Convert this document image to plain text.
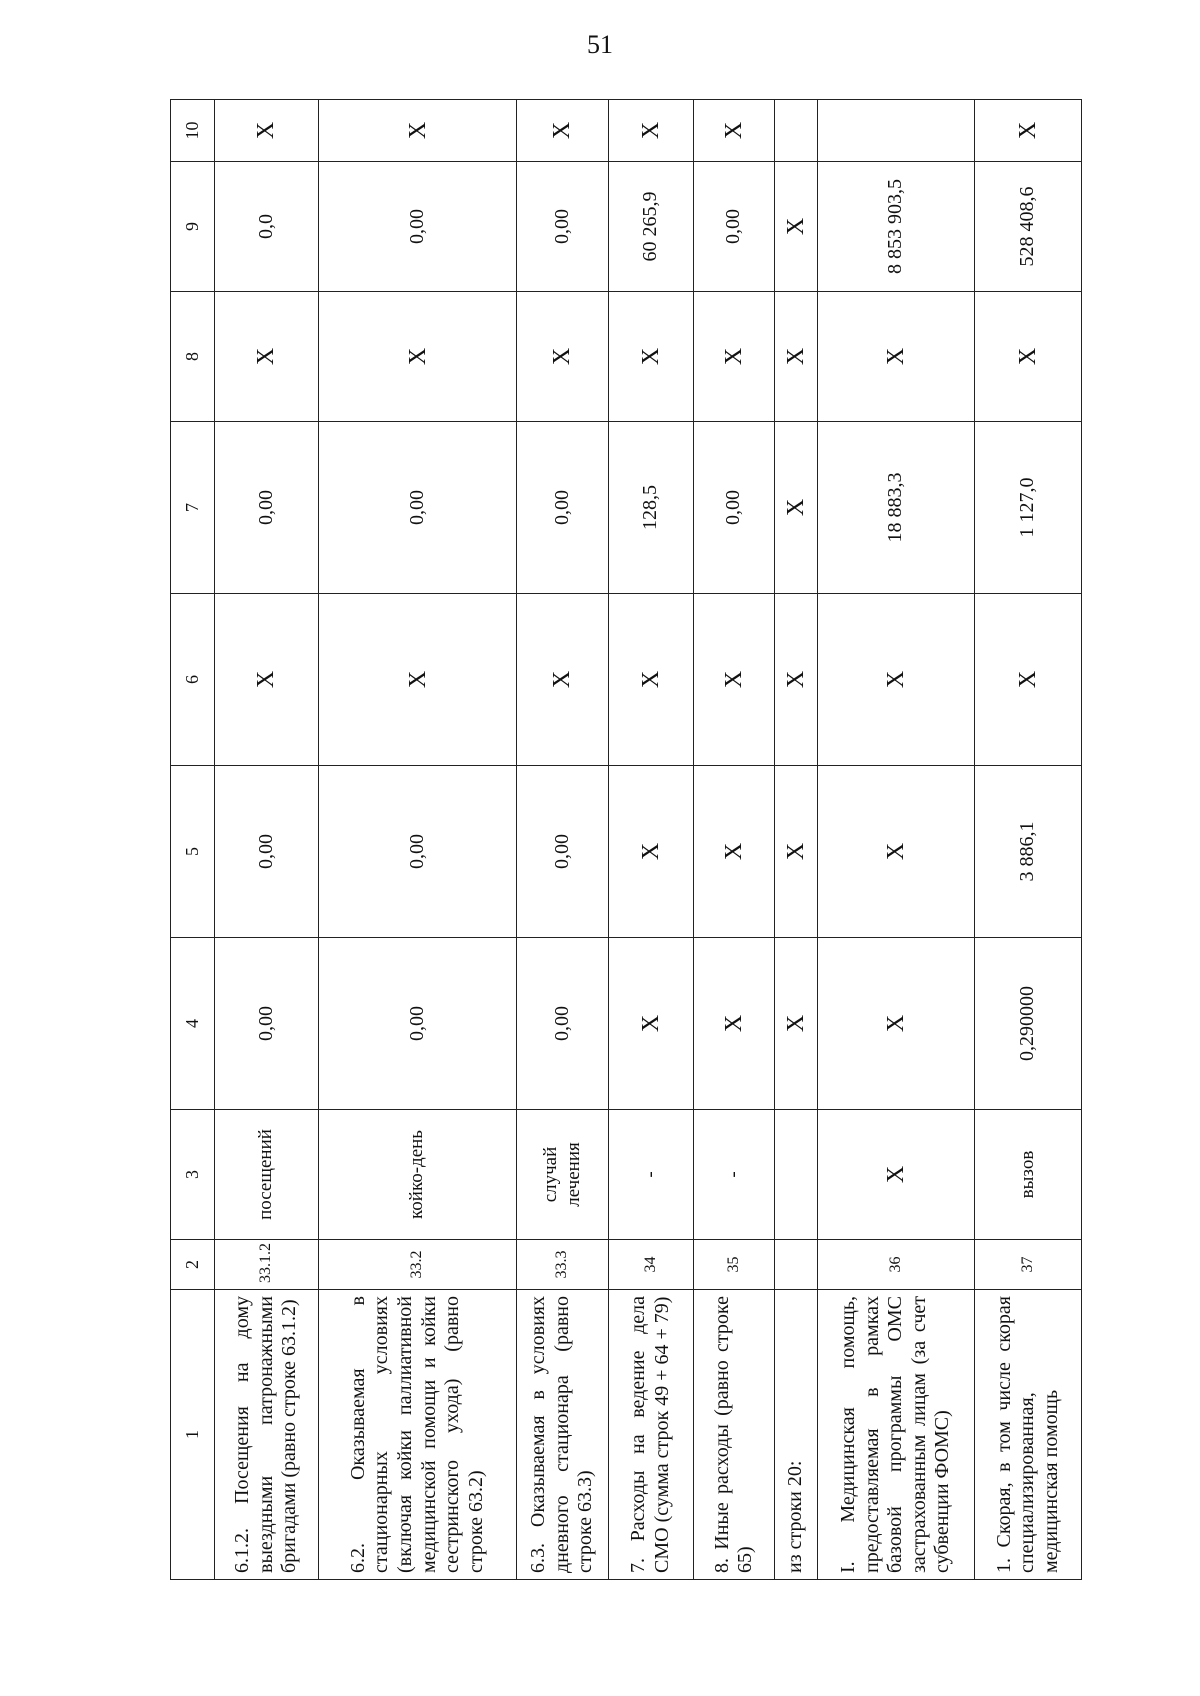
51
1	2	3	4	5	6	7	8	9	10
6.1.2. Посещения на дому выездными патронажными бригадами (равно строке 63.1.2)	33.1.2	посещений	0,00	0,00	X	0,00	X	0,0	X
6.2. Оказываемая в стационарных условиях (включая койки паллиативной медицинской помощи и койки сестринского ухода) (равно строке 63.2)	33.2	койко-день	0,00	0,00	X	0,00	X	0,00	X
6.3. Оказываемая в условиях дневного стационара (равно строке 63.3)	33.3	случай лечения	0,00	0,00	X	0,00	X	0,00	X
7. Расходы на ведение дела СМО (сумма строк 49 + 64 + 79)	34	-	X	X	X	128,5	X	60 265,9	X
8. Иные расходы (равно строке 65)	35	-	X	X	X	0,00	X	0,00	X
из строки 20:			X	X	X	X	X	X	
I. Медицинская помощь, предоставляемая в рамках базовой программы ОМС застрахованным лицам (за счет субвенции ФОМС)	36	X	X	X	X	18 883,3	X	8 853 903,5	
1. Скорая, в том числе скорая специализированная, медицинская помощь	37	вызов	0,290000	3 886,1	X	1 127,0	X	528 408,6	X
